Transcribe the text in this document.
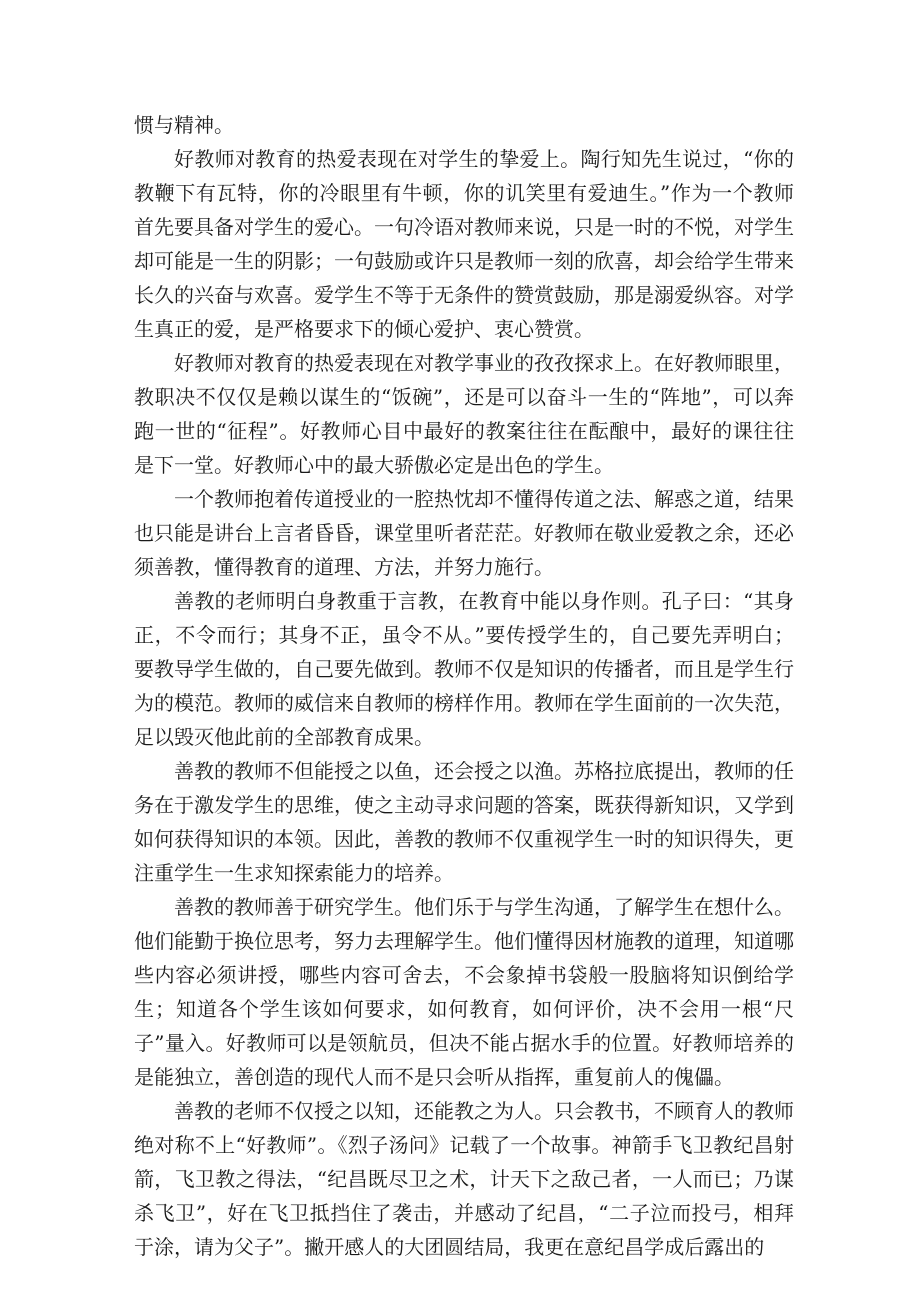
惯与精神。

好教师对教育的热爱表现在对学生的挚爱上。陶行知先生说过，“你的教鞭下有瓦特，你的冷眼里有牛顿，你的讥笑里有爱迪生。”作为一个教师首先要具备对学生的爱心。一句冷语对教师来说，只是一时的不悦，对学生却可能是一生的阴影；一句鼓励或许只是教师一刻的欣喜，却会给学生带来长久的兴奋与欢喜。爱学生不等于无条件的赞赏鼓励，那是溺爱纵容。对学生真正的爱，是严格要求下的倾心爱护、衷心赞赏。

好教师对教育的热爱表现在对教学事业的孜孜探求上。在好教师眼里，教职决不仅仅是赖以谋生的“饭碗”，还是可以奋斗一生的“阵地”，可以奔跑一世的“征程”。好教师心目中最好的教案往往在酝酿中，最好的课往往是下一堂。好教师心中的最大骄傲必定是出色的学生。

一个教师抱着传道授业的一腔热忱却不懂得传道之法、解惑之道，结果也只能是讲台上言者昏昏，课堂里听者茫茫。好教师在敬业爱教之余，还必须善教，懂得教育的道理、方法，并努力施行。

善教的老师明白身教重于言教，在教育中能以身作则。孔子曰：“其身正，不令而行；其身不正，虽令不从。”要传授学生的，自己要先弄明白；要教导学生做的，自己要先做到。教师不仅是知识的传播者，而且是学生行为的模范。教师的威信来自教师的榜样作用。教师在学生面前的一次失范，足以毁灭他此前的全部教育成果。

善教的教师不但能授之以鱼，还会授之以渔。苏格拉底提出，教师的任务在于激发学生的思维，使之主动寻求问题的答案，既获得新知识，又学到如何获得知识的本领。因此，善教的教师不仅重视学生一时的知识得失，更注重学生一生求知探索能力的培养。

善教的教师善于研究学生。他们乐于与学生沟通，了解学生在想什么。他们能勤于换位思考，努力去理解学生。他们懂得因材施教的道理，知道哪些内容必须讲授，哪些内容可舍去，不会象掉书袋般一股脑将知识倒给学生；知道各个学生该如何要求，如何教育，如何评价，决不会用一根“尺子”量入。好教师可以是领航员，但决不能占据水手的位置。好教师培养的是能独立，善创造的现代人而不是只会听从指挥，重复前人的傀儡。

善教的老师不仅授之以知，还能教之为人。只会教书，不顾育人的教师绝对称不上“好教师”。《烈子汤问》记载了一个故事。神箭手飞卫教纪昌射箭，飞卫教之得法，“纪昌既尽卫之术，计天下之敌己者，一人而已；乃谋杀飞卫”，好在飞卫抵挡住了袭击，并感动了纪昌，“二子泣而投弓，相拜于涂，请为父子”。撇开感人的大团圆结局，我更在意纪昌学成后露出的
